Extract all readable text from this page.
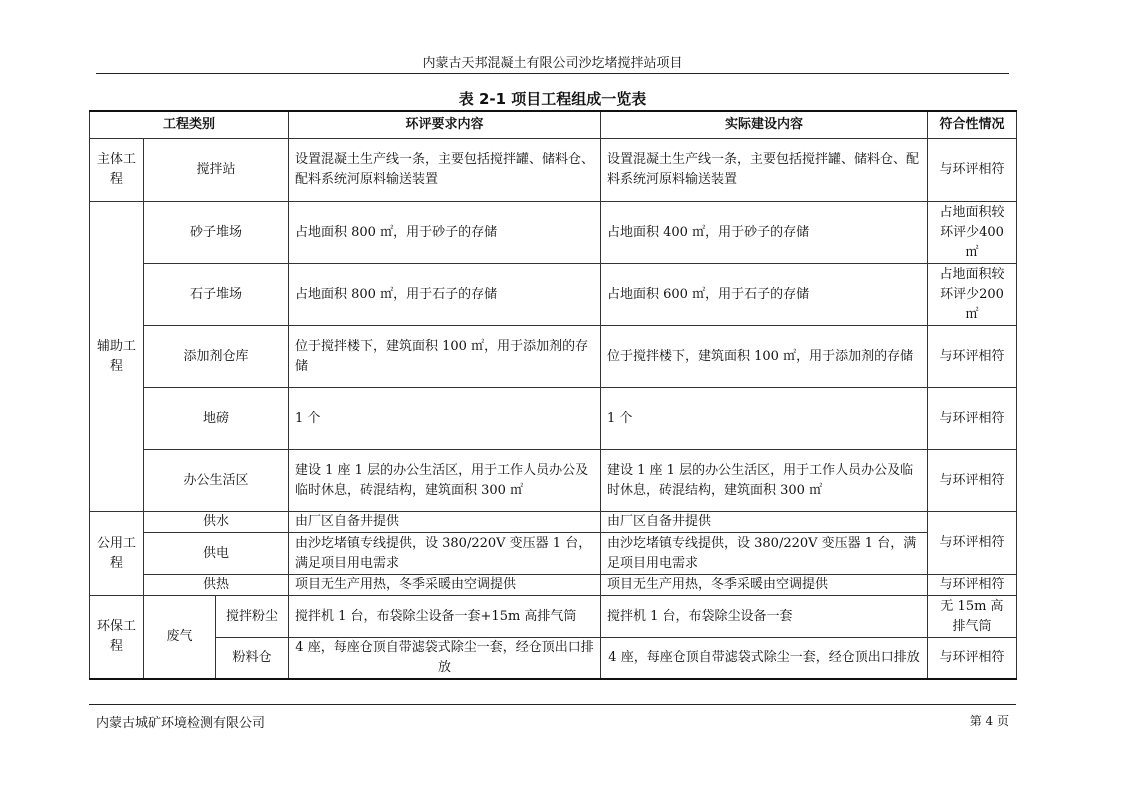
内蒙古天邦混凝土有限公司沙圪堵搅拌站项目
表 2-1 项目工程组成一览表
工程类别			环评要求内容	实际建设内容	符合性情况
主体工程	搅拌站		设置混凝土生产线一条，主要包括搅拌罐、储料仓、配料系统河原料输送装置	设置混凝土生产线一条，主要包括搅拌罐、储料仓、配料系统河原料输送装置	与环评相符
辅助工程	砂子堆场		占地面积 800 ㎡，用于砂子的存储	占地面积 400 ㎡，用于砂子的存储	占地面积较环评少400㎡
	石子堆场		占地面积 800 ㎡，用于石子的存储	占地面积 600 ㎡，用于石子的存储	占地面积较环评少200㎡
	添加剂仓库		位于搅拌楼下，建筑面积 100 ㎡，用于添加剂的存储	位于搅拌楼下，建筑面积 100 ㎡，用于添加剂的存储	与环评相符
	地磅		1 个	1 个	与环评相符
	办公生活区		建设 1 座 1 层的办公生活区，用于工作人员办公及临时休息，砖混结构，建筑面积 300 ㎡	建设 1 座 1 层的办公生活区，用于工作人员办公及临时休息，砖混结构，建筑面积 300 ㎡	与环评相符
公用工程	供水		由厂区自备井提供	由厂区自备井提供	与环评相符
	供电		由沙圪堵镇专线提供，设 380/220V 变压器 1 台，满足项目用电需求	由沙圪堵镇专线提供，设 380/220V 变压器 1 台，满足项目用电需求	
	供热		项目无生产用热，冬季采暖由空调提供	项目无生产用热，冬季采暖由空调提供	与环评相符
环保工程	废气	搅拌粉尘	搅拌机 1 台，布袋除尘设备一套+15m 高排气筒	搅拌机 1 台，布袋除尘设备一套	无 15m 高排气筒
		粉料仓	4 座，每座仓顶自带滤袋式除尘一套，经仓顶出口排放	4 座，每座仓顶自带滤袋式除尘一套，经仓顶出口排放	与环评相符
内蒙古城矿环境检测有限公司	第 4 页
